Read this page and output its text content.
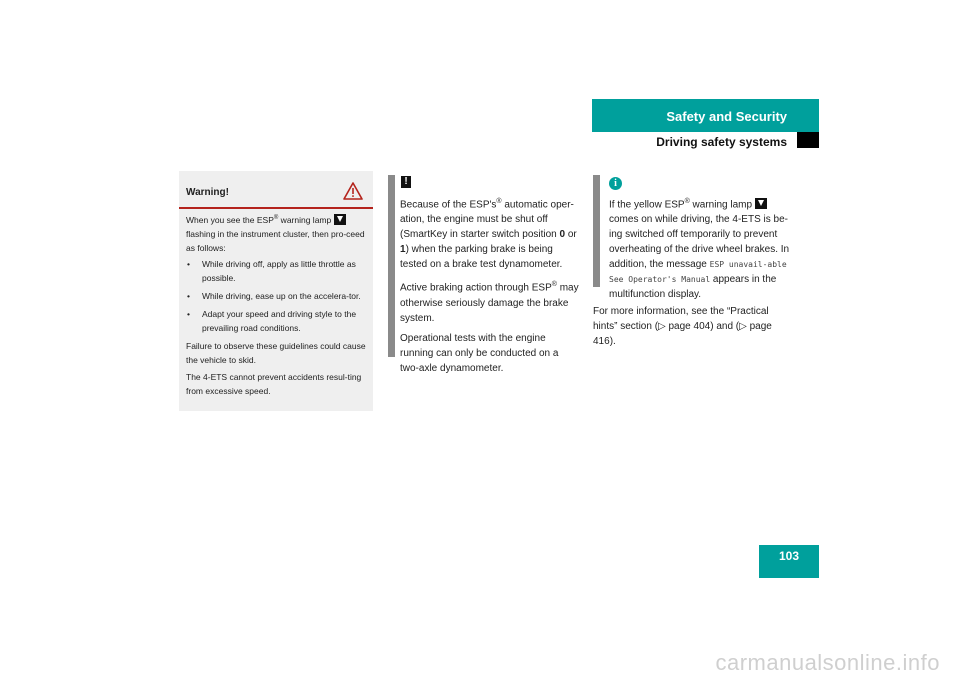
Safety and Security
Driving safety systems
Warning!

When you see the ESP® warning lamp  flashing in the instrument cluster, then pro-ceed as follows:

• While driving off, apply as little throttle as possible.
• While driving, ease up on the accelera-tor.
• Adapt your speed and driving style to the prevailing road conditions.

Failure to observe these guidelines could cause the vehicle to skid.

The 4-ETS cannot prevent accidents resul-ting from excessive speed.

!

Because of the ESP's® automatic oper-ation, the engine must be shut off (SmartKey in starter switch position 0 or 1) when the parking brake is being tested on a brake test dynamometer.

Active braking action through ESP® may otherwise seriously damage the brake system.

Operational tests with the engine running can only be conducted on a two-axle dynamometer.

i

If the yellow ESP® warning lamp  comes on while driving, the 4-ETS is be-ing switched off temporarily to prevent overheating of the drive wheel brakes. In addition, the message ESP unavail-able See Operator's Manual appears in the multifunction display.

For more information, see the “Practical hints” section (▷ page 404) and (▷ page 416).

103
carmanualsonline.info
